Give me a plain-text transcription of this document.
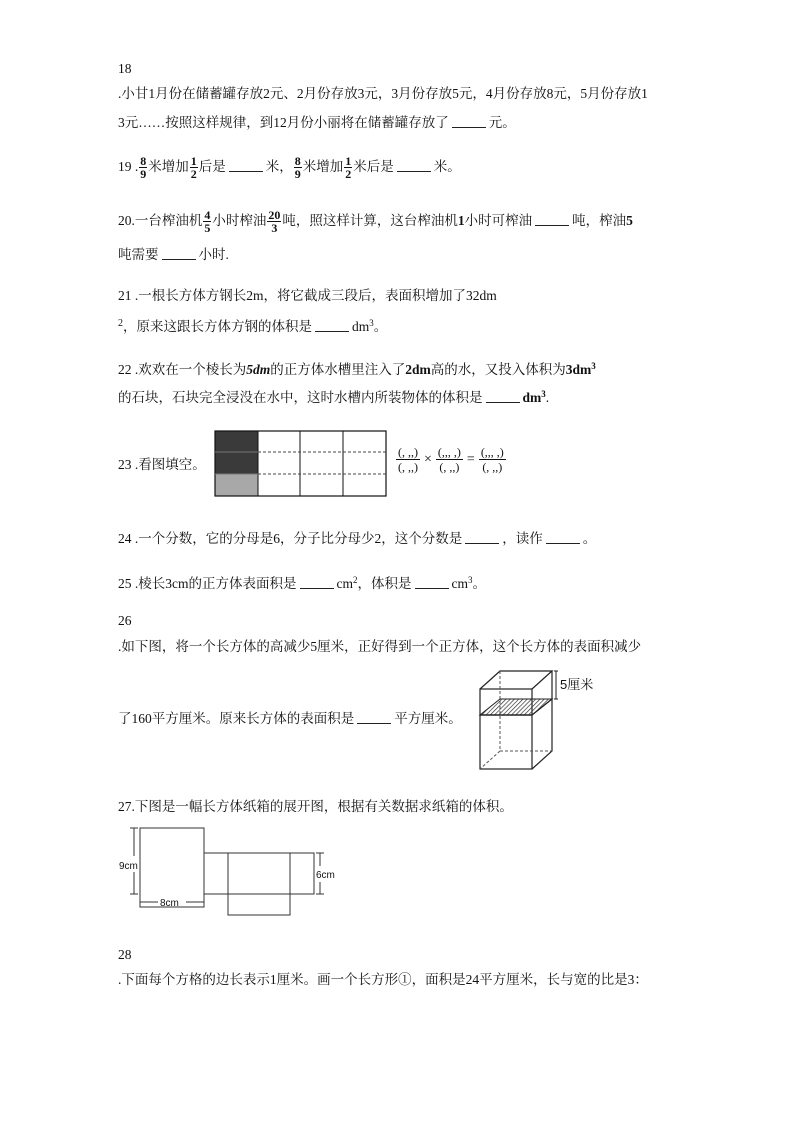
18
.小甘1月份在储蓄罐存放2元、2月份存放3元，3月份存放5元，4月份存放8元，5月份存放1
3元……按照这样规律，到12月份小丽将在储蓄罐存放了	元。
19 . $\frac{8}{9}$ 米增加 $\frac{1}{2}$ 后是	米， $\frac{8}{9}$ 米增加 $\frac{1}{2}$ 米后是	米。
20.一台榨油机 $\frac{4}{5}$ 小时榨油 $\frac{20}{3}$ 吨，照这样计算，这台榨油机1小时可榨油	吨，榨油5
吨需要	小时.
21 .一根长方体方钢长2m，将它截成三段后，表面积增加了32dm
$^2$，原来这跟长方体方钢的体积是	$dm^3$。
22 .欢欢在一个棱长为5dm的正方体水槽里注入了2dm高的水，又投入体积为$3dm^3$
的石块，石块完全浸没在水中，这时水槽内所装物体的体积是	$dm^3$.
23 .看图填空。
(, ,,)
(, ,,)
× (,,, ,)
(, ,,)
= (,,, ,)
(, ,,)
24 .一个分数，它的分母是6，分子比分母少2，这个分数是	，读作	。
25 .棱长3cm的正方体表面积是	$cm^2$，体积是	$cm^3$。
26
.如下图，将一个长方体的高减少5厘米，正好得到一个正方体，这个长方体的表面积减少
了160平方厘米。原来长方体的表面积是	平方厘米。
5厘米
27.下图是一幅长方体纸箱的展开图，根据有关数据求纸箱的体积。
9cm
8cm
6cm
28
.下面每个方格的边长表示1厘米。画一个长方形①，面积是24平方厘米，长与宽的比是3：
